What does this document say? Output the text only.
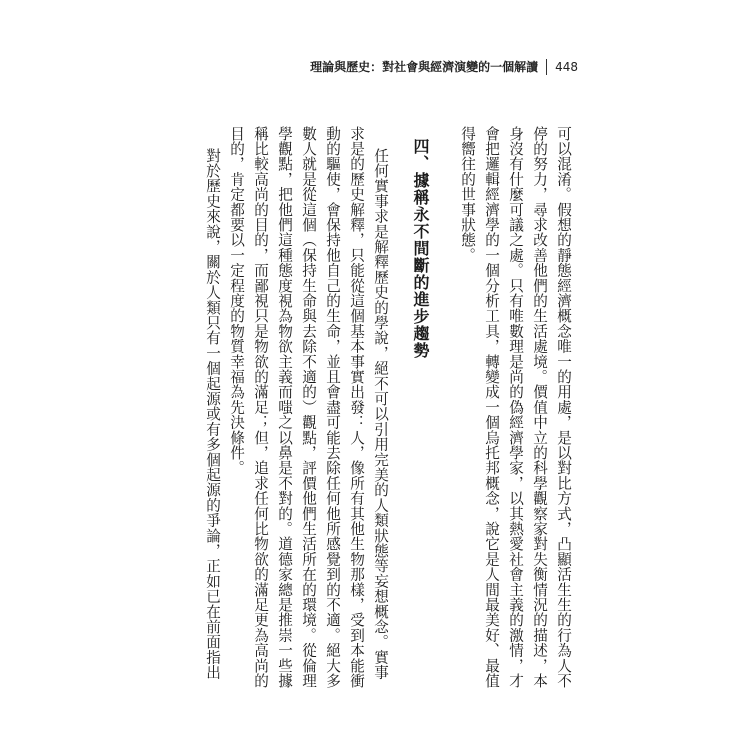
理論與歷史：對社會與經濟演變的一個解讀 448
可以混淆。假想的靜態經濟概念唯一的用處，是以對比方式，凸顯活生生的行為人不
停的努力，尋求改善他們的生活處境。價值中立的科學觀察家對失衡情況的描述，本
身沒有什麼可議之處。只有唯數理是尚的偽經濟學家，以其熱愛社會主義的激情，才
會把邏輯經濟學的一個分析工具，轉變成一個烏托邦概念，說它是人間最美好、最值
得嚮往的世事狀態。
四、據稱永不間斷的進步趨勢
任何實事求是解釋歷史的學說，絕不可以引用完美的人類狀態等妄想概念。實事
求是的歷史解釋，只能從這個基本事實出發：人，像所有其他生物那樣，受到本能衝
動的驅使，會保持他自己的生命，並且會盡可能去除任何他所感覺到的不適。絕大多
數人就是從這個（保持生命與去除不適的）觀點，評價他們生活所在的環境。從倫理
學觀點，把他們這種態度視為物欲主義而嗤之以鼻是不對的。道德家總是推崇一些據
稱比較高尚的目的，而鄙視只是物欲的滿足；但，追求任何比物欲的滿足更為高尚的
目的，肯定都要以一定程度的物質幸福為先決條件。
對於歷史來說，關於人類只有一個起源或有多個起源的爭論，正如已在前面指出
